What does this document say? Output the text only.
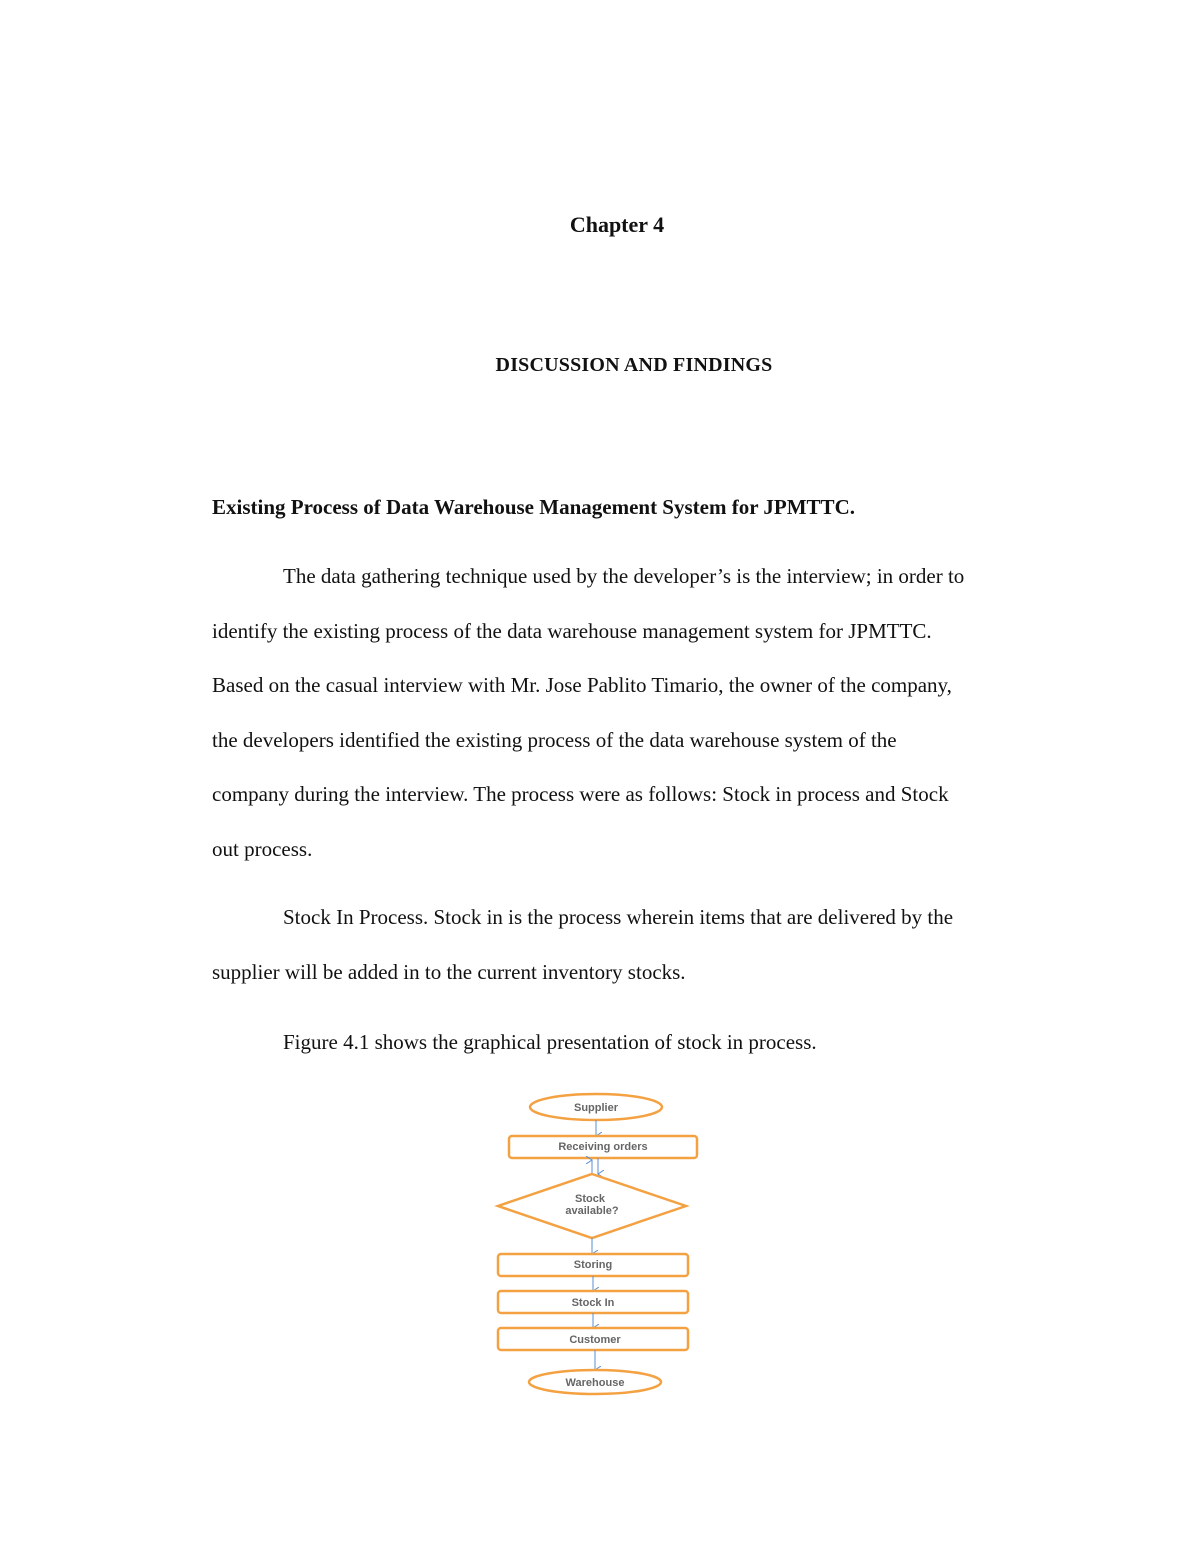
Chapter 4
DISCUSSION AND FINDINGS
Existing Process of Data Warehouse Management System for JPMTTC.
The data gathering technique used by the developer’s is the interview; in order to
identify the existing process of the data warehouse management system for JPMTTC.
Based on the casual interview with Mr. Jose Pablito Timario, the owner of the company,
the developers identified the existing process of the data warehouse system of the
company during the interview. The process were as follows: Stock in process and Stock
out process.
Stock In Process. Stock in is the process wherein items that are delivered by the
supplier will be added in to the current inventory stocks.
Figure 4.1 shows the graphical presentation of stock in process.
Supplier
Receiving orders
Stock
available?
Storing
Stock In
Customer
Warehouse
